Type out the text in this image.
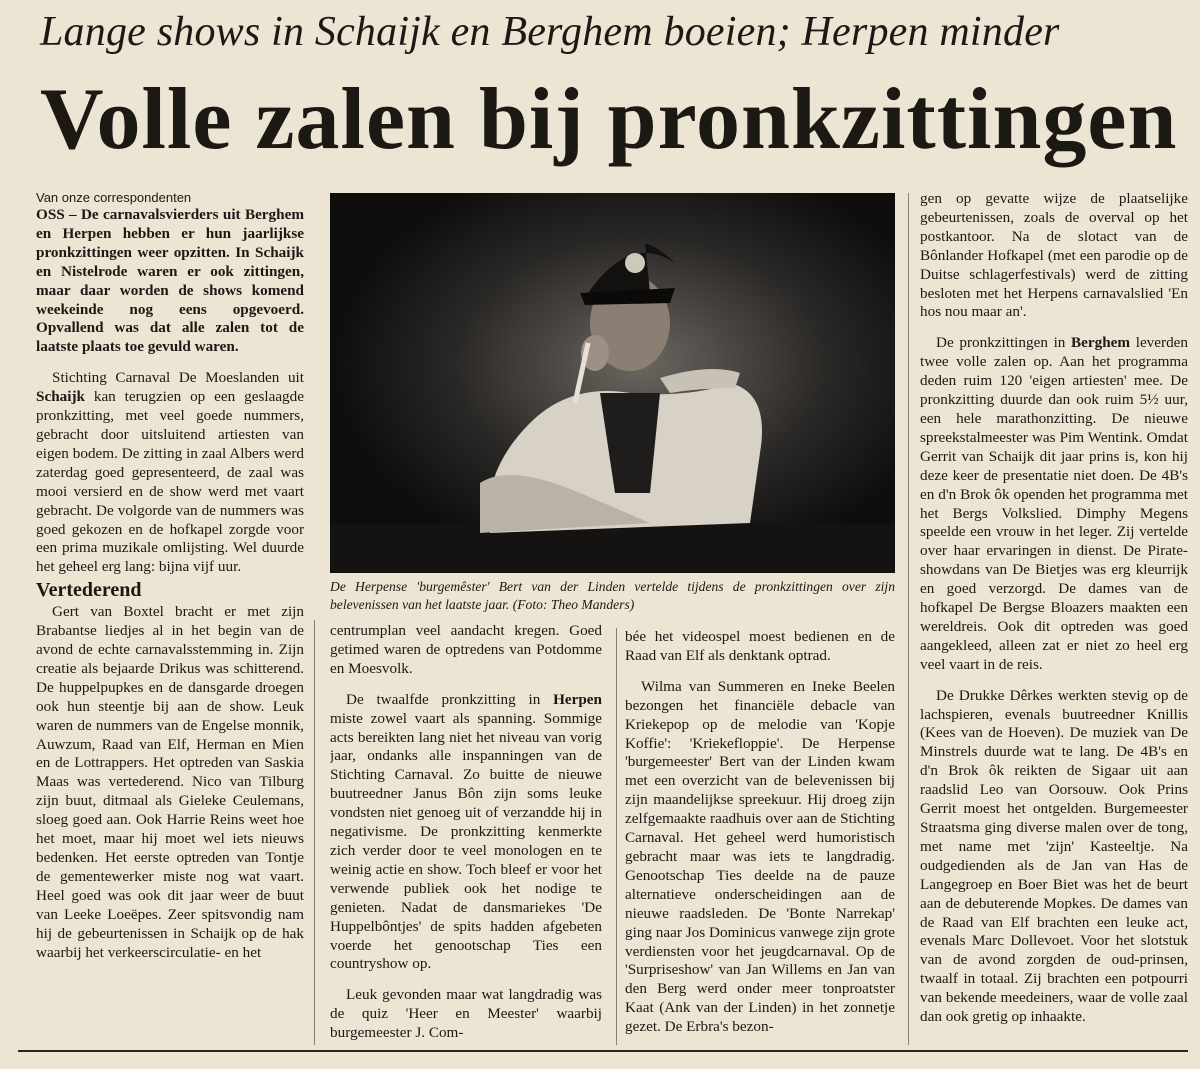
Lange shows in Schaijk en Berghem boeien; Herpen minder
Volle zalen bij pronkzittingen

Van onze correspondenten

OSS – De carnavalsvierders uit Berghem en Herpen hebben er hun jaarlijkse pronkzittingen weer opzitten. In Schaijk en Nistelrode waren er ook zittingen, maar daar worden de shows komend weekeinde nog eens opgevoerd. Opvallend was dat alle zalen tot de laatste plaats toe gevuld waren.

Stichting Carnaval De Moeslanden uit Schaijk kan terugzien op een geslaagde pronkzitting, met veel goede nummers, gebracht door uitsluitend artiesten van eigen bodem. De zitting in zaal Albers werd zaterdag goed gepresenteerd, de zaal was mooi versierd en de show werd met vaart gebracht. De volgorde van de nummers was goed gekozen en de hofkapel zorgde voor een prima muzikale omlijsting. Wel duurde het geheel erg lang: bijna vijf uur.

Vertederend

Gert van Boxtel bracht er met zijn Brabantse liedjes al in het begin van de avond de echte carnavalsstemming in. Zijn creatie als bejaarde Drikus was schitterend. De huppelpupkes en de dansgarde droegen ook hun steentje bij aan de show. Leuk waren de nummers van de Engelse monnik, Auwzum, Raad van Elf, Herman en Mien en de Lottrappers. Het optreden van Saskia Maas was vertederend. Nico van Tilburg zijn buut, ditmaal als Gieleke Ceulemans, sloeg goed aan. Ook Harrie Reins weet hoe het moet, maar hij moet wel iets nieuws bedenken. Het eerste optreden van Tontje de gementewerker miste nog wat vaart. Heel goed was ook dit jaar weer de buut van Leeke Loeëpes. Zeer spitsvondig nam hij de gebeurtenissen in Schaijk op de hak waarbij het verkeerscirculatie- en het

De Herpense 'burgemêster' Bert van der Linden vertelde tijdens de pronkzittingen over zijn belevenissen van het laatste jaar. (Foto: Theo Manders)

centrumplan veel aandacht kregen. Goed getimed waren de optredens van Potdomme en Moesvolk.

De twaalfde pronkzitting in Herpen miste zowel vaart als spanning. Sommige acts bereikten lang niet het niveau van vorig jaar, ondanks alle inspanningen van de Stichting Carnaval. Zo buitte de nieuwe buutreedner Janus Bôn zijn soms leuke vondsten niet genoeg uit of verzandde hij in negativisme. De pronkzitting kenmerkte zich verder door te veel monologen en te weinig actie en show. Toch bleef er voor het verwende publiek ook het nodige te genieten. Nadat de dansmariekes 'De Huppelbôntjes' de spits hadden afgebeten voerde het genootschap Ties een countryshow op.

Leuk gevonden maar wat langdradig was de quiz 'Heer en Meester' waarbij burgemeester J. Com-

bée het videospel moest bedienen en de Raad van Elf als denktank optrad.

Wilma van Summeren en Ineke Beelen bezongen het financiële debacle van Kriekepop op de melodie van 'Kopje Koffie': 'Kriekefloppie'. De Herpense 'burgemeester' Bert van der Linden kwam met een overzicht van de belevenissen bij zijn maandelijkse spreekuur. Hij droeg zijn zelfgemaakte raadhuis over aan de Stichting Carnaval. Het geheel werd humoristisch gebracht maar was iets te langdradig. Genootschap Ties deelde na de pauze alternatieve onderscheidingen aan de nieuwe raadsleden. De 'Bonte Narrekap' ging naar Jos Dominicus vanwege zijn grote verdiensten voor het jeugdcarnaval. Op de 'Surpriseshow' van Jan Willems en Jan van den Berg werd onder meer tonproatster Kaat (Ank van der Linden) in het zonnetje gezet. De Erbra's bezon-

gen op gevatte wijze de plaatselijke gebeurtenissen, zoals de overval op het postkantoor. Na de slotact van de Bônlander Hofkapel (met een parodie op de Duitse schlagerfestivals) werd de zitting besloten met het Herpens carnavalslied 'En hos nou maar an'.

De pronkzittingen in Berghem leverden twee volle zalen op. Aan het programma deden ruim 120 'eigen artiesten' mee. De pronkzitting duurde dan ook ruim 5½ uur, een hele marathonzitting. De nieuwe spreekstalmeester was Pim Wentink. Omdat Gerrit van Schaijk dit jaar prins is, kon hij deze keer de presentatie niet doen. De 4B's en d'n Brok ôk openden het programma met het Bergs Volkslied. Dimphy Megens speelde een vrouw in het leger. Zij vertelde over haar ervaringen in dienst. De Pirate-showdans van De Bietjes was erg kleurrijk en goed verzorgd. De dames van de hofkapel De Bergse Bloazers maakten een wereldreis. Ook dit optreden was goed aangekleed, alleen zat er niet zo heel erg veel vaart in de reis.

De Drukke Dêrkes werkten stevig op de lachspieren, evenals buutreedner Knillis (Kees van de Hoeven). De muziek van De Minstrels duurde wat te lang. De 4B's en d'n Brok ôk reikten de Sigaar uit aan raadslid Leo van Oorsouw. Ook Prins Gerrit moest het ontgelden. Burgemeester Straatsma ging diverse malen over de tong, met name met 'zijn' Kasteeltje. Na oudgedienden als de Jan van Has de Langegroep en Boer Biet was het de beurt aan de debuterende Mopkes. De dames van de Raad van Elf brachten een leuke act, evenals Marc Dollevoet. Voor het slotstuk van de avond zorgden de oud-prinsen, twaalf in totaal. Zij brachten een potpourri van bekende meedeiners, waar de volle zaal dan ook gretig op inhaakte.
